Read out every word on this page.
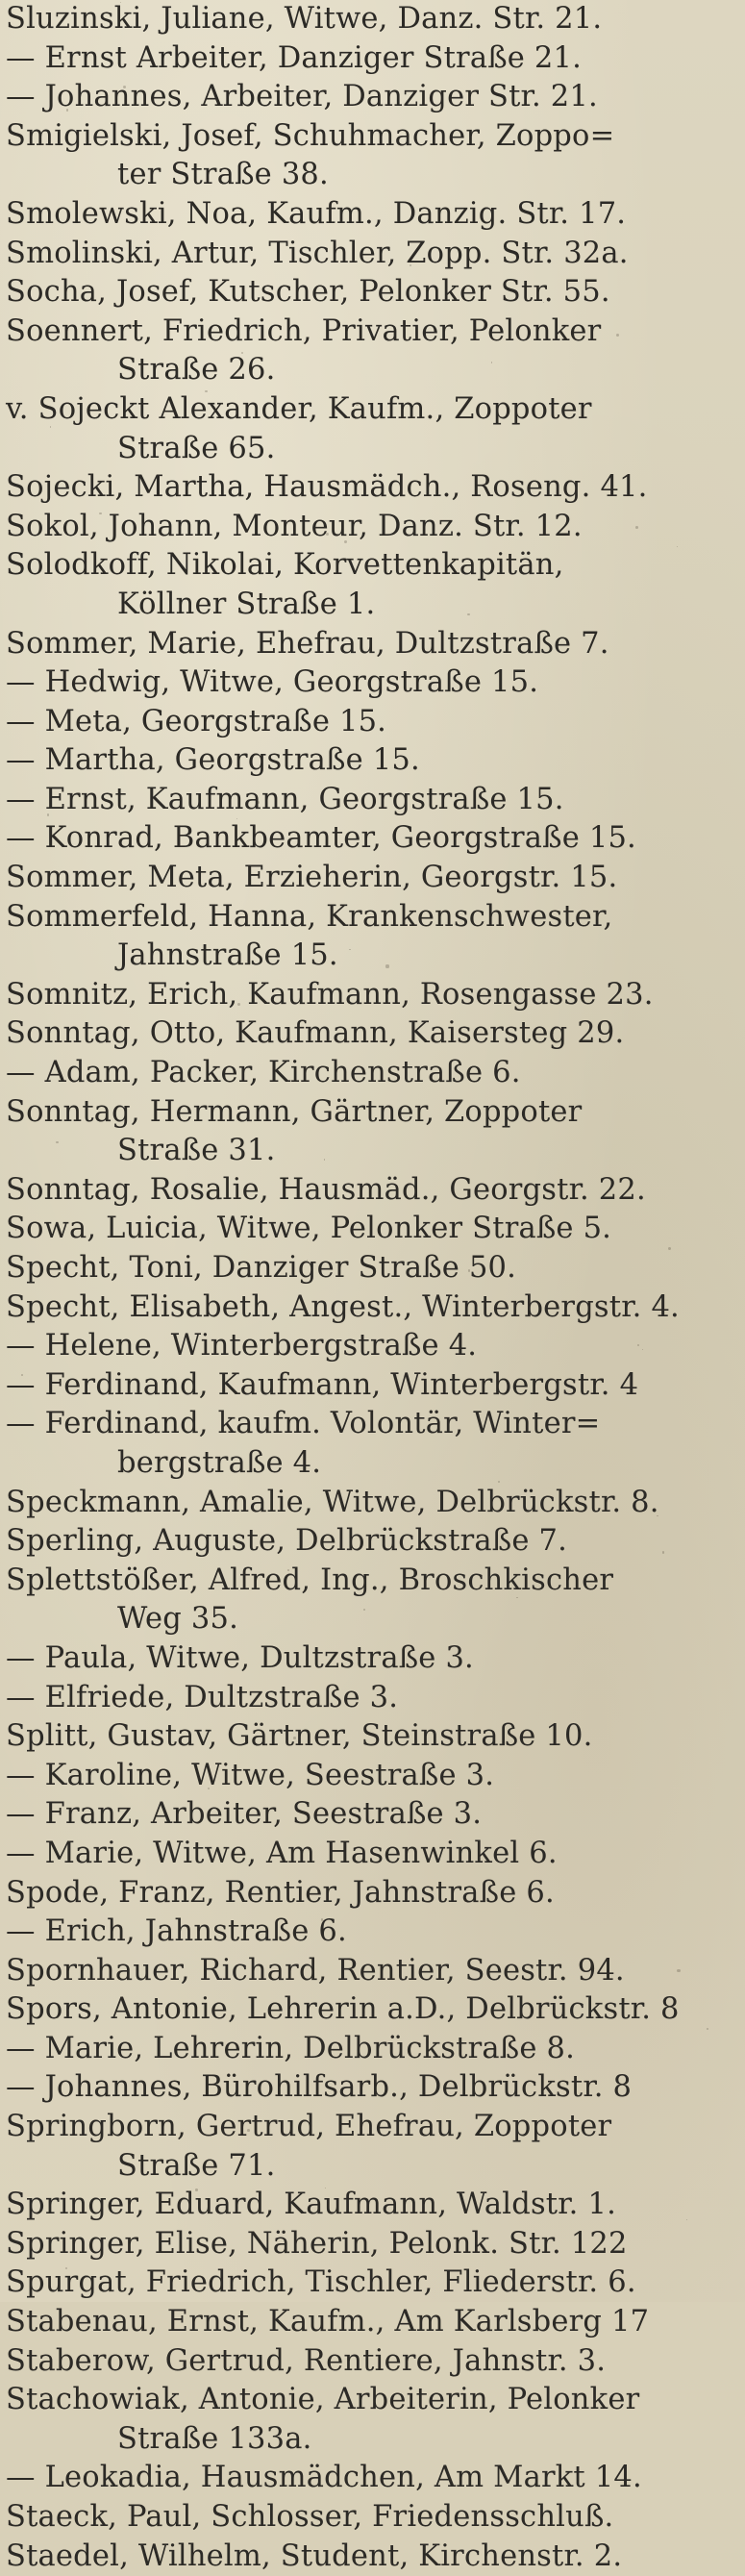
Sluzinski, Juliane, Witwe, Danz. Str. 21.
— Ernst Arbeiter, Danziger Straße 21.
— Johannes, Arbeiter, Danziger Str. 21.
Smigielski, Josef, Schuhmacher, Zoppo=
ter Straße 38.
Smolewski, Noa, Kaufm., Danzig. Str. 17.
Smolinski, Artur, Tischler, Zopp. Str. 32a.
Socha, Josef, Kutscher, Pelonker Str. 55.
Soennert, Friedrich, Privatier, Pelonker
Straße 26.
v. Sojeckt Alexander, Kaufm., Zoppoter
Straße 65.
Sojecki, Martha, Hausmädch., Roseng. 41.
Sokol, Johann, Monteur, Danz. Str. 12.
Solodkoff, Nikolai, Korvettenkapitän,
Köllner Straße 1.
Sommer, Marie, Ehefrau, Dultzstraße 7.
— Hedwig, Witwe, Georgstraße 15.
— Meta, Georgstraße 15.
— Martha, Georgstraße 15.
— Ernst, Kaufmann, Georgstraße 15.
— Konrad, Bankbeamter, Georgstraße 15.
Sommer, Meta, Erzieherin, Georgstr. 15.
Sommerfeld, Hanna, Krankenschwester,
Jahnstraße 15.
Somnitz, Erich, Kaufmann, Rosengasse 23.
Sonntag, Otto, Kaufmann, Kaisersteg 29.
— Adam, Packer, Kirchenstraße 6.
Sonntag, Hermann, Gärtner, Zoppoter
Straße 31.
Sonntag, Rosalie, Hausmäd., Georgstr. 22.
Sowa, Luicia, Witwe, Pelonker Straße 5.
Specht, Toni, Danziger Straße 50.
Specht, Elisabeth, Angest., Winterbergstr. 4.
— Helene, Winterbergstraße 4.
— Ferdinand, Kaufmann, Winterbergstr. 4
— Ferdinand, kaufm. Volontär, Winter=
bergstraße 4.
Speckmann, Amalie, Witwe, Delbrückstr. 8.
Sperling, Auguste, Delbrückstraße 7.
Splettstößer, Alfred, Ing., Broschkischer
Weg 35.
— Paula, Witwe, Dultzstraße 3.
— Elfriede, Dultzstraße 3.
Splitt, Gustav, Gärtner, Steinstraße 10.
— Karoline, Witwe, Seestraße 3.
— Franz, Arbeiter, Seestraße 3.
— Marie, Witwe, Am Hasenwinkel 6.
Spode, Franz, Rentier, Jahnstraße 6.
— Erich, Jahnstraße 6.
Spornhauer, Richard, Rentier, Seestr. 94.
Spors, Antonie, Lehrerin a.D., Delbrückstr. 8
— Marie, Lehrerin, Delbrückstraße 8.
— Johannes, Bürohilfsarb., Delbrückstr. 8
Springborn, Gertrud, Ehefrau, Zoppoter
Straße 71.
Springer, Eduard, Kaufmann, Waldstr. 1.
Springer, Elise, Näherin, Pelonk. Str. 122
Spurgat, Friedrich, Tischler, Fliederstr. 6.
Stabenau, Ernst, Kaufm., Am Karlsberg 17
Staberow, Gertrud, Rentiere, Jahnstr. 3.
Stachowiak, Antonie, Arbeiterin, Pelonker
Straße 133a.
— Leokadia, Hausmädchen, Am Markt 14.
Staeck, Paul, Schlosser, Friedensschluß.
Staedel, Wilhelm, Student, Kirchenstr. 2.
